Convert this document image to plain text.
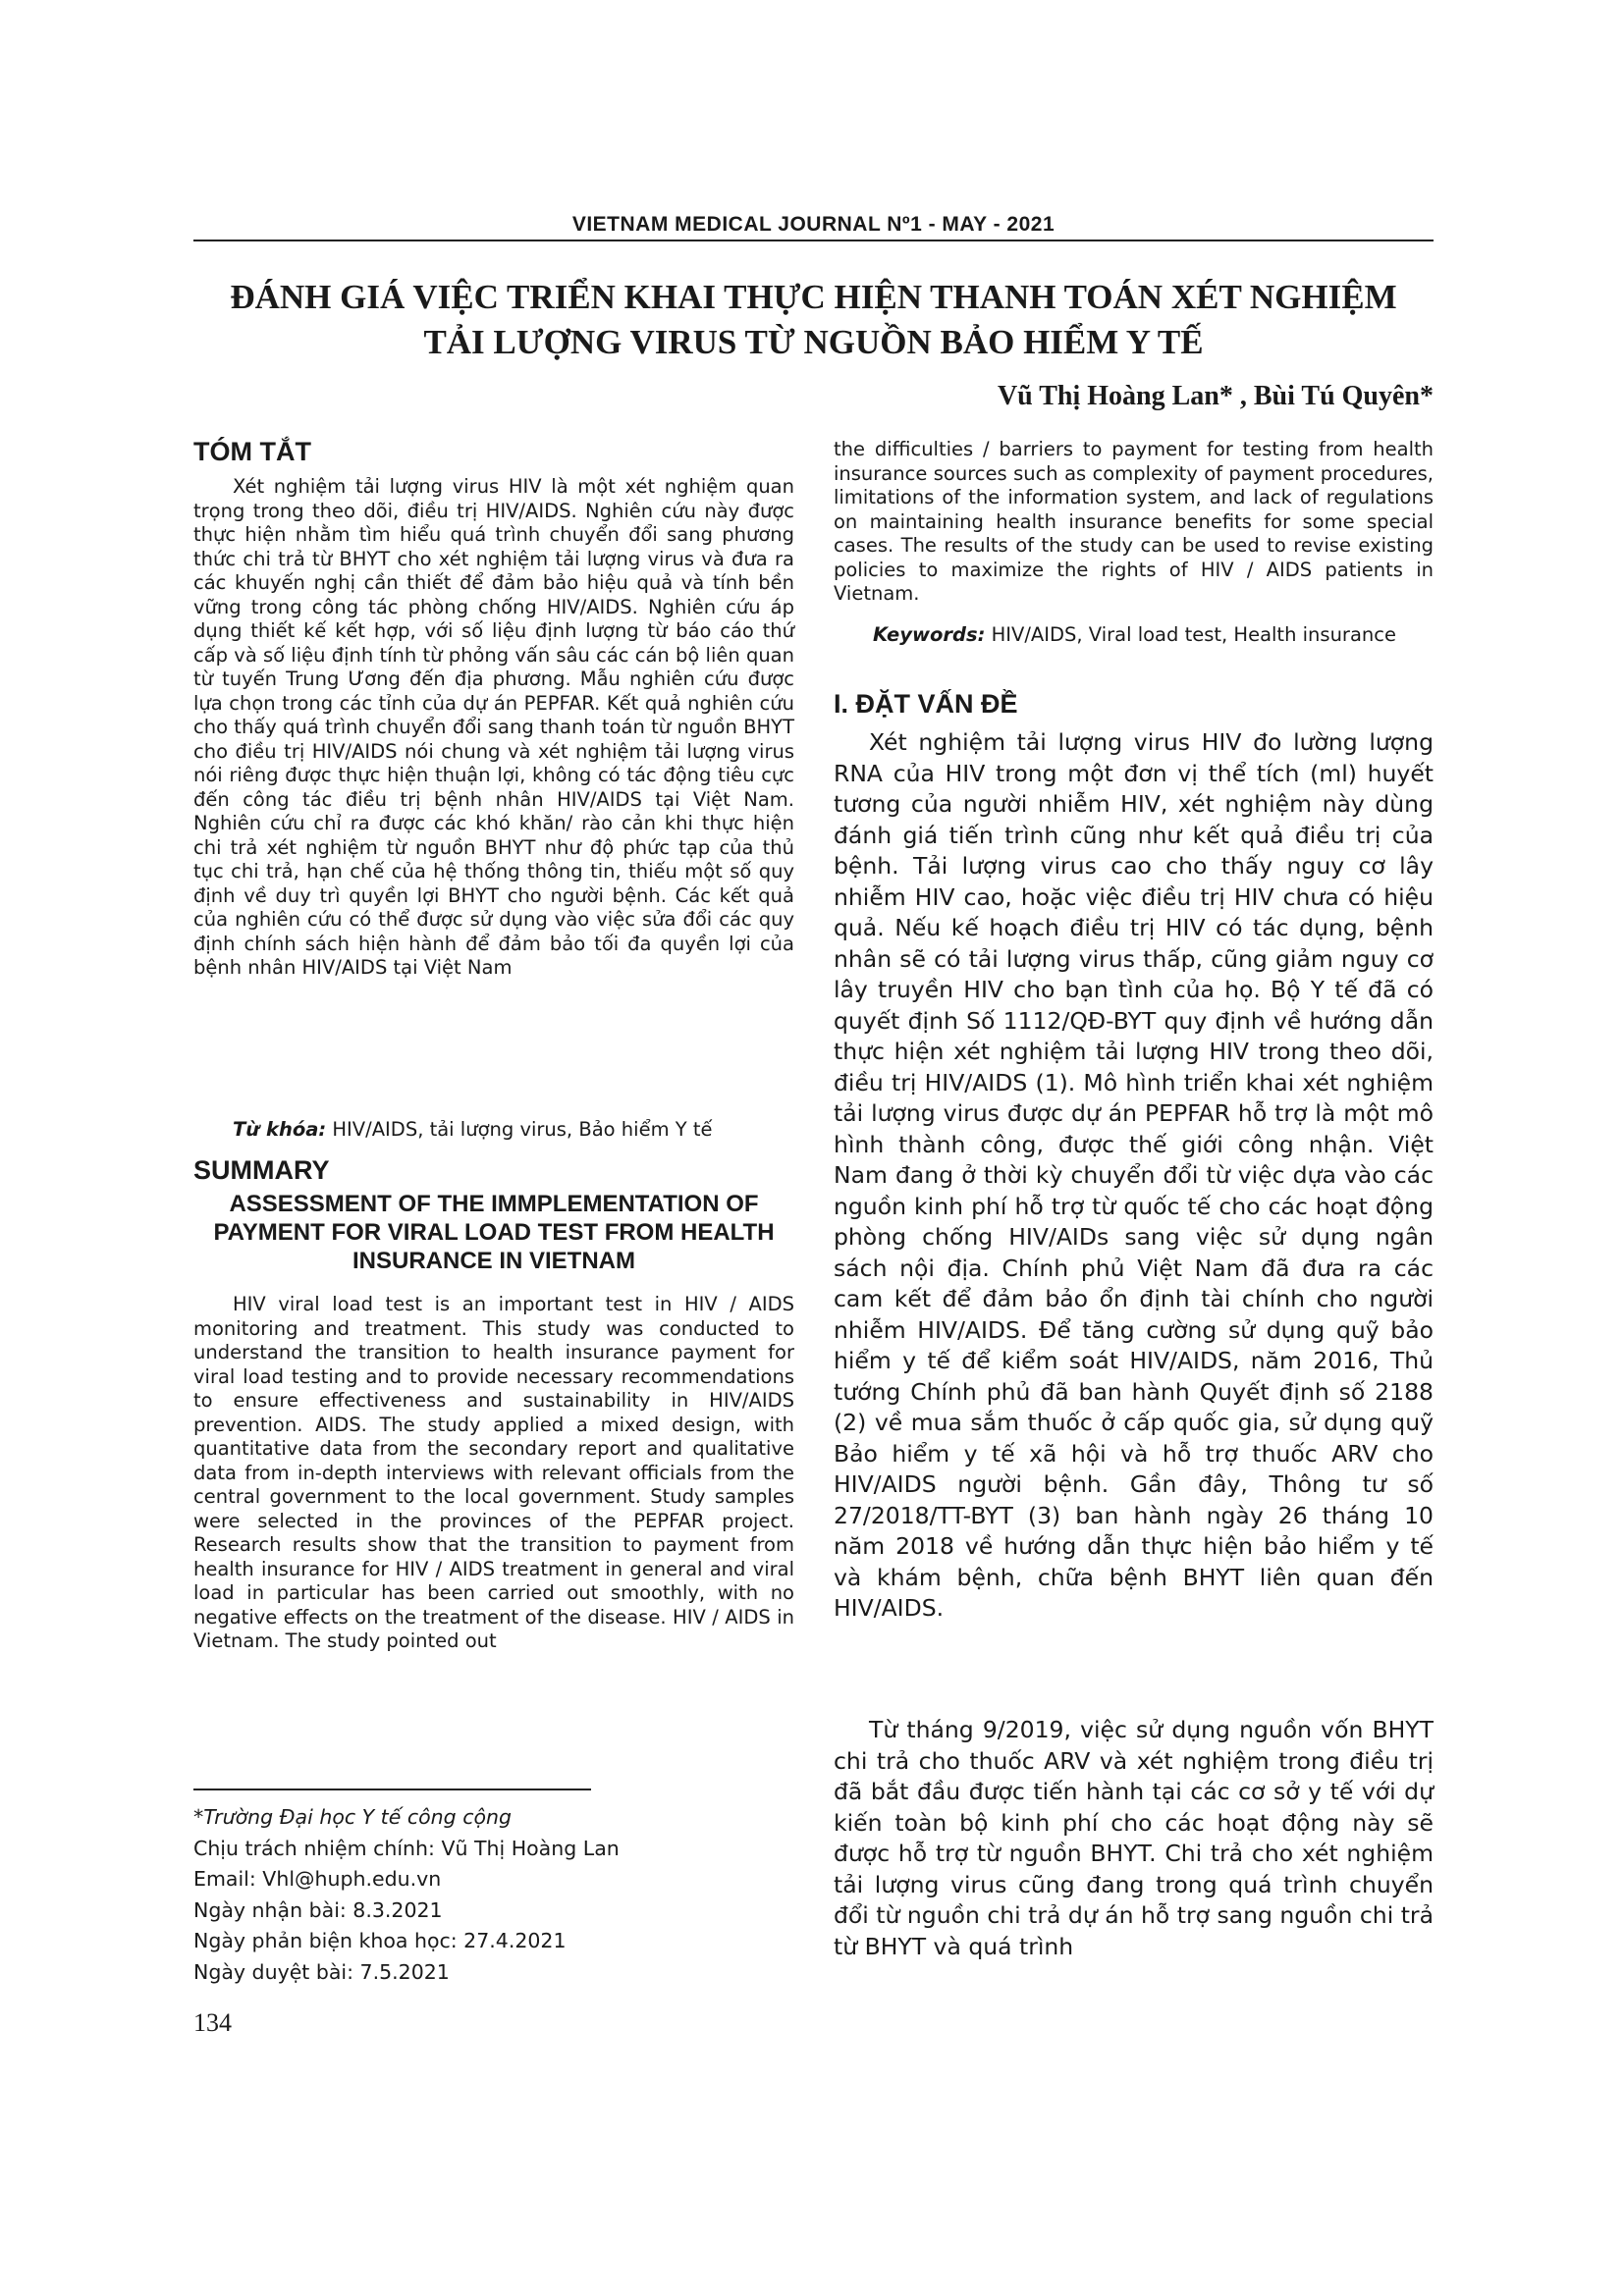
VIETNAM MEDICAL JOURNAL Nº1 - MAY - 2021
ĐÁNH GIÁ VIỆC TRIỂN KHAI THỰC HIỆN THANH TOÁN XÉT NGHIỆM
TẢI LƯỢNG VIRUS TỪ NGUỒN BẢO HIỂM Y TẾ
Vũ Thị Hoàng Lan* , Bùi Tú Quyên*
TÓM TẮT

Xét nghiệm tải lượng virus HIV là một xét nghiệm quan trọng trong theo dõi, điều trị HIV/AIDS. Nghiên cứu này được thực hiện nhằm tìm hiểu quá trình chuyển đổi sang phương thức chi trả từ BHYT cho xét nghiệm tải lượng virus và đưa ra các khuyến nghị cần thiết để đảm bảo hiệu quả và tính bền vững trong công tác phòng chống HIV/AIDS. Nghiên cứu áp dụng thiết kế kết hợp, với số liệu định lượng từ báo cáo thứ cấp và số liệu định tính từ phỏng vấn sâu các cán bộ liên quan từ tuyến Trung Ương đến địa phương. Mẫu nghiên cứu được lựa chọn trong các tỉnh của dự án PEPFAR. Kết quả nghiên cứu cho thấy quá trình chuyển đổi sang thanh toán từ nguồn BHYT cho điều trị HIV/AIDS nói chung và xét nghiệm tải lượng virus nói riêng được thực hiện thuận lợi, không có tác động tiêu cực đến công tác điều trị bệnh nhân HIV/AIDS tại Việt Nam. Nghiên cứu chỉ ra được các khó khăn/ rào cản khi thực hiện chi trả xét nghiệm từ nguồn BHYT như độ phức tạp của thủ tục chi trả, hạn chế của hệ thống thông tin, thiếu một số quy định về duy trì quyền lợi BHYT cho người bệnh. Các kết quả của nghiên cứu có thể được sử dụng vào việc sửa đổi các quy định chính sách hiện hành để đảm bảo tối đa quyền lợi của bệnh nhân HIV/AIDS tại Việt Nam

Từ khóa: HIV/AIDS, tải lượng virus, Bảo hiểm Y tế

SUMMARY
ASSESSMENT OF THE IMMPLEMENTATION OF PAYMENT FOR VIRAL LOAD TEST FROM HEALTH INSURANCE IN VIETNAM

HIV viral load test is an important test in HIV / AIDS monitoring and treatment. This study was conducted to understand the transition to health insurance payment for viral load testing and to provide necessary recommendations to ensure effectiveness and sustainability in HIV/AIDS prevention. AIDS. The study applied a mixed design, with quantitative data from the secondary report and qualitative data from in-depth interviews with relevant officials from the central government to the local government. Study samples were selected in the provinces of the PEPFAR project. Research results show that the transition to payment from health insurance for HIV / AIDS treatment in general and viral load in particular has been carried out smoothly, with no negative effects on the treatment of the disease. HIV / AIDS in Vietnam. The study pointed out

*Trường Đại học Y tế công cộng
Chịu trách nhiệm chính: Vũ Thị Hoàng Lan
Email: Vhl@huph.edu.vn
Ngày nhận bài: 8.3.2021
Ngày phản biện khoa học: 27.4.2021
Ngày duyệt bài: 7.5.2021
134

the difficulties / barriers to payment for testing from health insurance sources such as complexity of payment procedures, limitations of the information system, and lack of regulations on maintaining health insurance benefits for some special cases. The results of the study can be used to revise existing policies to maximize the rights of HIV / AIDS patients in Vietnam.

Keywords: HIV/AIDS, Viral load test, Health insurance

I. ĐẶT VẤN ĐỀ

Xét nghiệm tải lượng virus HIV đo lường lượng RNA của HIV trong một đơn vị thể tích (ml) huyết tương của người nhiễm HIV, xét nghiệm này dùng đánh giá tiến trình cũng như kết quả điều trị của bệnh. Tải lượng virus cao cho thấy nguy cơ lây nhiễm HIV cao, hoặc việc điều trị HIV chưa có hiệu quả. Nếu kế hoạch điều trị HIV có tác dụng, bệnh nhân sẽ có tải lượng virus thấp, cũng giảm nguy cơ lây truyền HIV cho bạn tình của họ. Bộ Y tế đã có quyết định Số 1112/QĐ-BYT quy định về hướng dẫn thực hiện xét nghiệm tải lượng HIV trong theo dõi, điều trị HIV/AIDS (1). Mô hình triển khai xét nghiệm tải lượng virus được dự án PEPFAR hỗ trợ là một mô hình thành công, được thế giới công nhận. Việt Nam đang ở thời kỳ chuyển đổi từ việc dựa vào các nguồn kinh phí hỗ trợ từ quốc tế cho các hoạt động phòng chống HIV/AIDs sang việc sử dụng ngân sách nội địa. Chính phủ Việt Nam đã đưa ra các cam kết để đảm bảo ổn định tài chính cho người nhiễm HIV/AIDS. Để tăng cường sử dụng quỹ bảo hiểm y tế để kiểm soát HIV/AIDS, năm 2016, Thủ tướng Chính phủ đã ban hành Quyết định số 2188 (2) về mua sắm thuốc ở cấp quốc gia, sử dụng quỹ Bảo hiểm y tế xã hội và hỗ trợ thuốc ARV cho HIV/AIDS người bệnh. Gần đây, Thông tư số 27/2018/TT-BYT (3) ban hành ngày 26 tháng 10 năm 2018 về hướng dẫn thực hiện bảo hiểm y tế và khám bệnh, chữa bệnh BHYT liên quan đến HIV/AIDS.

Từ tháng 9/2019, việc sử dụng nguồn vốn BHYT chi trả cho thuốc ARV và xét nghiệm trong điều trị đã bắt đầu được tiến hành tại các cơ sở y tế với dự kiến toàn bộ kinh phí cho các hoạt động này sẽ được hỗ trợ từ nguồn BHYT. Chi trả cho xét nghiệm tải lượng virus cũng đang trong quá trình chuyển đổi từ nguồn chi trả dự án hỗ trợ sang nguồn chi trả từ BHYT và quá trình
